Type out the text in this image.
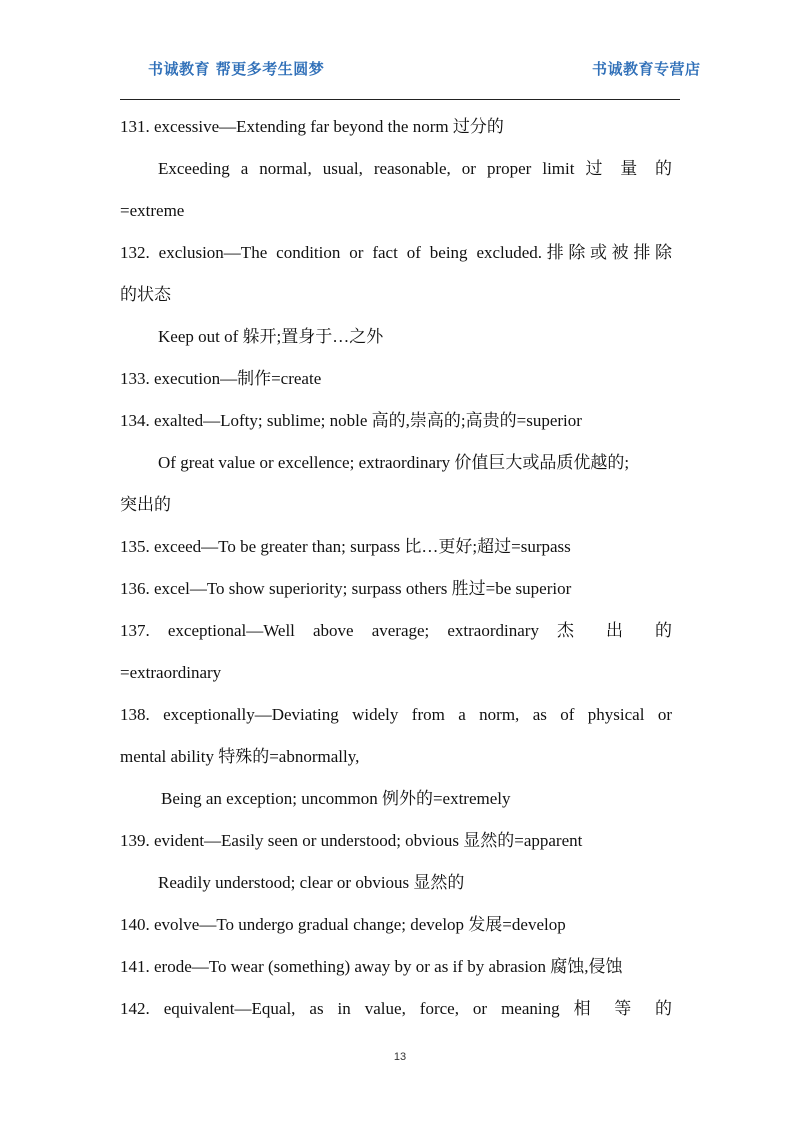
书诚教育 帮更多考生圆梦	书诚教育专营店
131. excessive—Extending far beyond the norm 过分的
Exceeding a normal, usual, reasonable, or proper limit 过 量 的
=extreme
132. exclusion—The condition or fact of being excluded.排除或被排除
的状态
Keep out of 躲开;置身于…之外
133. execution—制作=create
134. exalted—Lofty; sublime; noble 高的,崇高的;高贵的=superior
Of great value or excellence; extraordinary 价值巨大或品质优越的;
突出的
135. exceed—To be greater than; surpass 比…更好;超过=surpass
136. excel—To show superiority; surpass others 胜过=be superior
137. exceptional—Well above average; extraordinary 杰 出 的
=extraordinary
138. exceptionally—Deviating widely from a norm, as of physical or
mental ability 特殊的=abnormally,
Being an exception; uncommon 例外的=extremely
139. evident—Easily seen or understood; obvious 显然的=apparent
Readily understood; clear or obvious 显然的
140. evolve—To undergo gradual change; develop 发展=develop
141. erode—To wear (something) away by or as if by abrasion 腐蚀,侵蚀
142. equivalent—Equal, as in value, force, or meaning 相 等 的
13
